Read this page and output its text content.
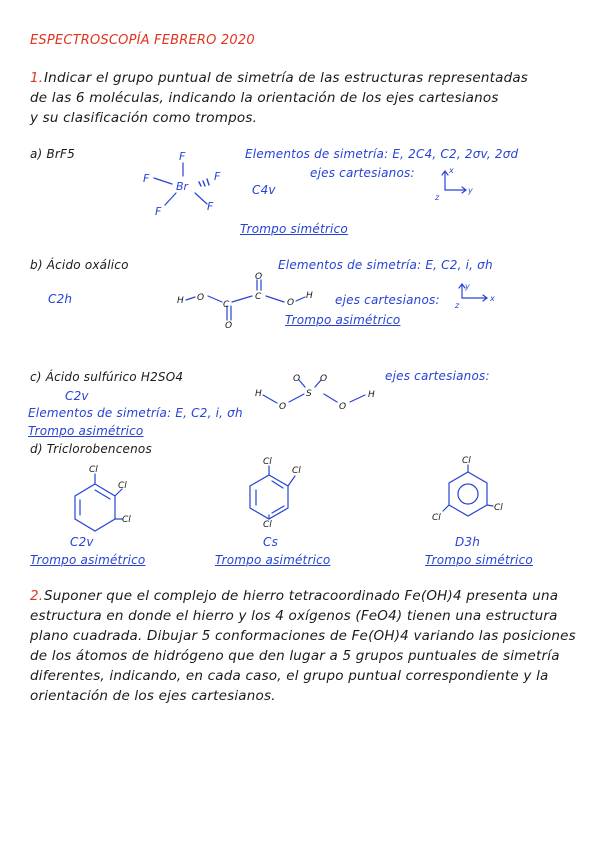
ESPECTROSCOPÍA FEBRERO 2020
1. Indicar el grupo puntual de simetría de las estructuras representadas
de las 6 moléculas, indicando la orientación de los ejes cartesianos
y su clasificación como trompos.
a) BrF5	Elementos de simetría: E, 2C4, C2, 2σv, 2σd
ejes cartesianos:
C4v
Trompo simétrico
b) Ácido oxálico	Elementos de simetría: E, C2, i, σh
C2h	ejes cartesianos:
Trompo asimétrico
c) Ácido sulfúrico H2SO4	ejes cartesianos:
C2v
Elementos de simetría: E, C2, i, σh
Trompo asimétrico
d) Triclorobencenos
C2v
Trompo asimétrico
Cs
Trompo asimétrico
D3h
Trompo simétrico
2. Suponer que el complejo de hierro tetracoordinado Fe(OH)4 presenta una
estructura en donde el hierro y los 4 oxígenos (FeO4) tienen una estructura
plano cuadrada. Dibujar 5 conformaciones de Fe(OH)4 variando las posiciones
de los átomos de hidrógeno que den lugar a 5 grupos puntuales de simetría
diferentes, indicando, en cada caso, el grupo puntual correspondiente y la
orientación de los ejes cartesianos.
F
F
Br
F
F	F
x
y
z
y
x
z
H O
C
O
C
O
O
H
H
O
S
O O
O
H
Cl
Cl
Cl
Cl
Cl
Cl
Cl
Cl
Cl
